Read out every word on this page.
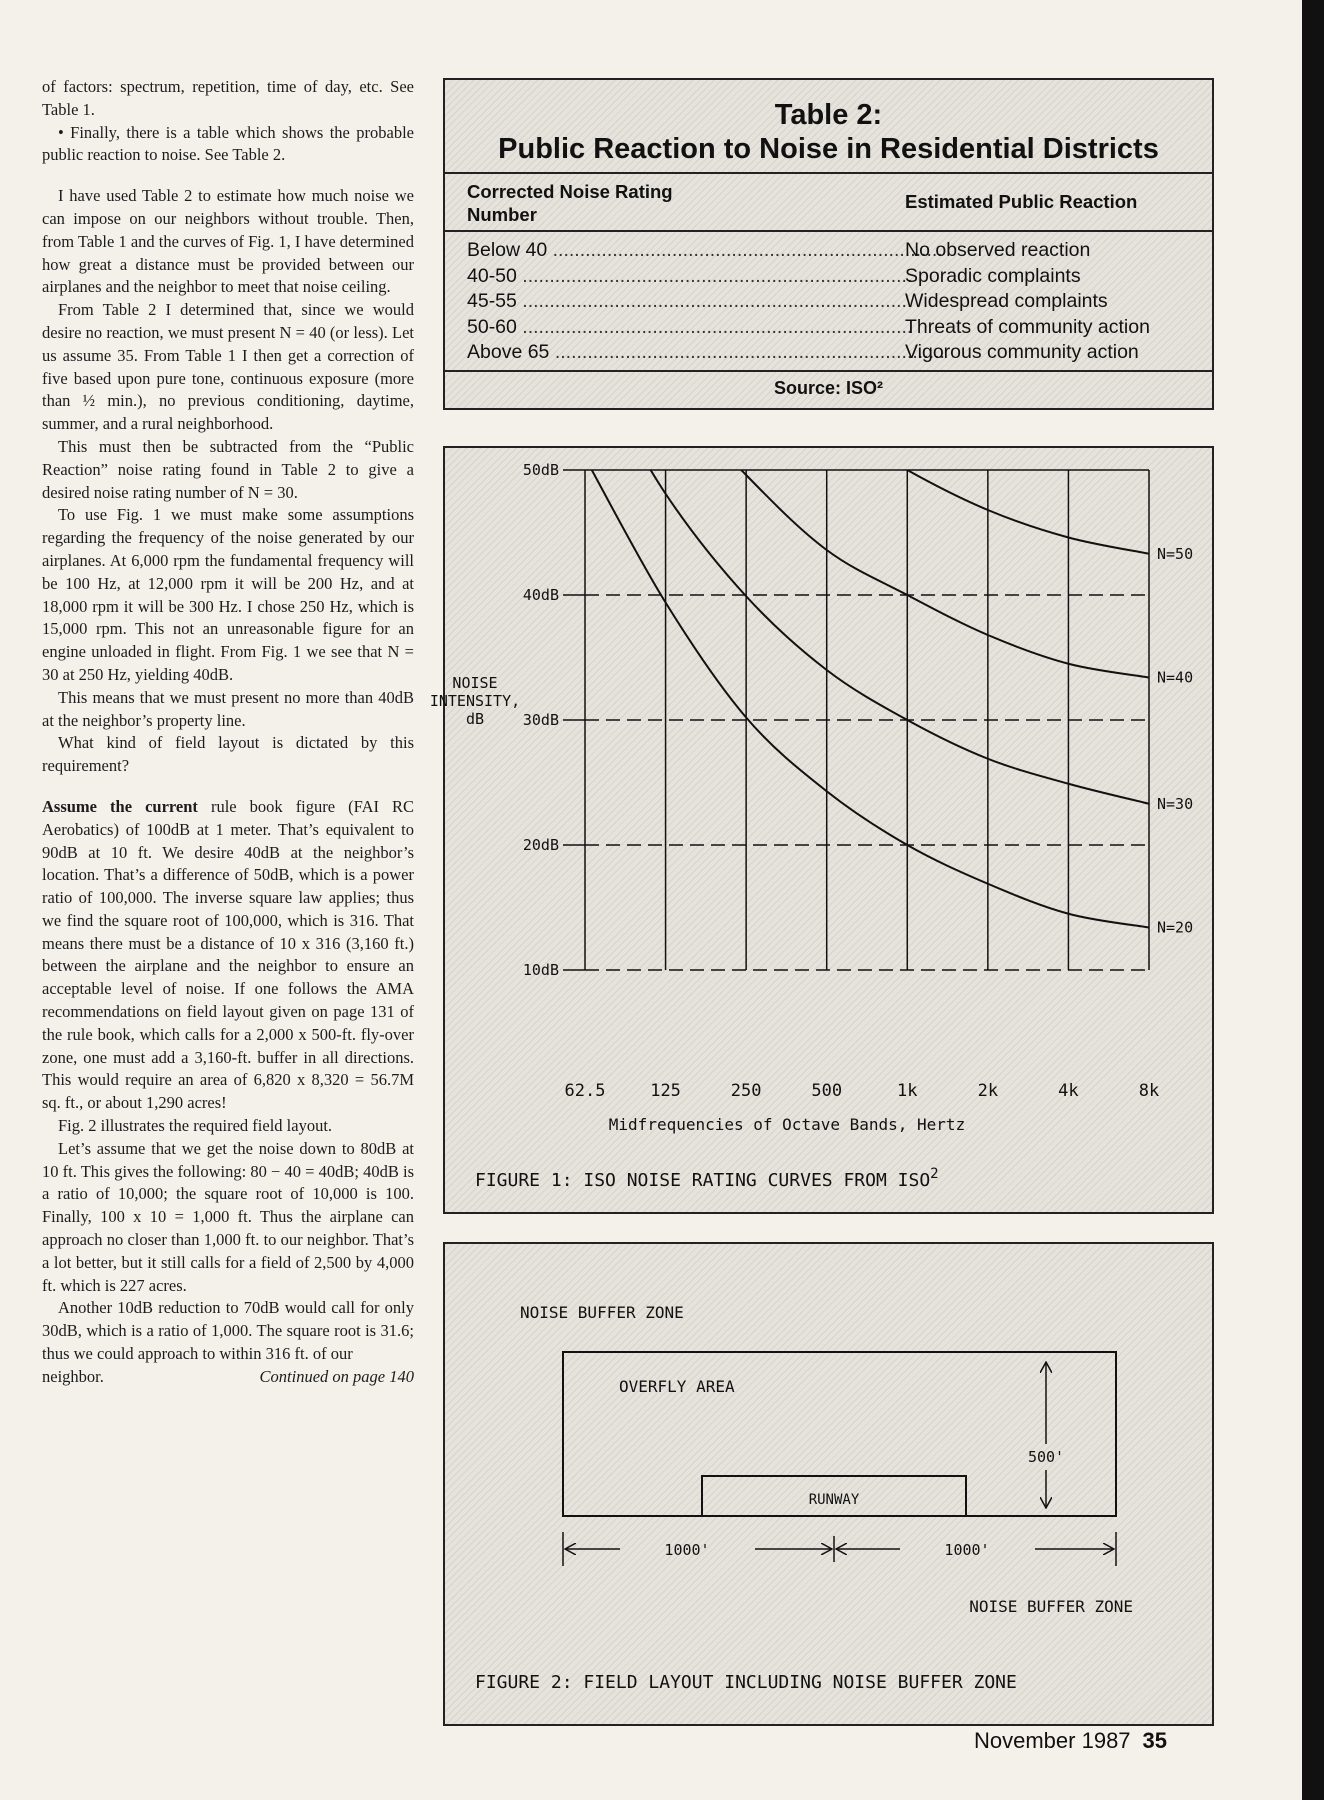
of factors: spectrum, repetition, time of day, etc. See Table 1.

• Finally, there is a table which shows the probable public reaction to noise. See Table 2.

I have used Table 2 to estimate how much noise we can impose on our neighbors without trouble. Then, from Table 1 and the curves of Fig. 1, I have determined how great a distance must be provided between our airplanes and the neighbor to meet that noise ceiling.

From Table 2 I determined that, since we would desire no reaction, we must present N = 40 (or less). Let us assume 35. From Table 1 I then get a correction of five based upon pure tone, continuous exposure (more than ½ min.), no previous conditioning, daytime, summer, and a rural neighborhood.

This must then be subtracted from the “Public Reaction” noise rating found in Table 2 to give a desired noise rating number of N = 30.

To use Fig. 1 we must make some assumptions regarding the frequency of the noise generated by our airplanes. At 6,000 rpm the fundamental frequency will be 100 Hz, at 12,000 rpm it will be 200 Hz, and at 18,000 rpm it will be 300 Hz. I chose 250 Hz, which is 15,000 rpm. This not an unreasonable figure for an engine unloaded in flight. From Fig. 1 we see that N = 30 at 250 Hz, yielding 40dB.

This means that we must present no more than 40dB at the neighbor’s property line.

What kind of field layout is dictated by this requirement?

Assume the current rule book figure (FAI RC Aerobatics) of 100dB at 1 meter. That’s equivalent to 90dB at 10 ft. We desire 40dB at the neighbor’s location. That’s a difference of 50dB, which is a power ratio of 100,000. The inverse square law applies; thus we find the square root of 100,000, which is 316. That means there must be a distance of 10 x 316 (3,160 ft.) between the airplane and the neighbor to ensure an acceptable level of noise. If one follows the AMA recommendations on field layout given on page 131 of the rule book, which calls for a 2,000 x 500-ft. fly-over zone, one must add a 3,160-ft. buffer in all directions. This would require an area of 6,820 x 8,320 = 56.7M sq. ft., or about 1,290 acres!

Fig. 2 illustrates the required field layout.

Let’s assume that we get the noise down to 80dB at 10 ft. This gives the following: 80 − 40 = 40dB; 40dB is a ratio of 10,000; the square root of 10,000 is 100. Finally, 100 x 10 = 1,000 ft. Thus the airplane can approach no closer than 1,000 ft. to our neighbor. That’s a lot better, but it still calls for a field of 2,500 by 4,000 ft. which is 227 acres.

Another 10dB reduction to 70dB would call for only 30dB, which is a ratio of 1,000. The square root is 31.6; thus we could approach to within 316 ft. of our

neighbor.	Continued on page 140
Table 2:
Public Reaction to Noise in Residential Districts
Corrected Noise Rating
Number
Estimated Public Reaction
Below 40 .....	No observed reaction
40-50 .....	Sporadic complaints
45-55 .....	Widespread complaints
50-60 .....	Threats of community action
Above 65 .....	Vigorous community action
Source: ISO²
NOISE
INTENSITY,
dB
Midfrequencies of Octave Bands, Hertz
FIGURE 1: ISO NOISE RATING CURVES FROM ISO$^2$
62.5	125	250	500	1k	2k	4k	8k
50dB
40dB
30dB
20dB
10dB
N=20
N=30
N=40
N=50
NOISE BUFFER ZONE
OVERFLY AREA
RUNWAY
500'
1000'	1000'
NOISE BUFFER ZONE
FIGURE 2: FIELD LAYOUT INCLUDING NOISE BUFFER ZONE
November 1987 35
